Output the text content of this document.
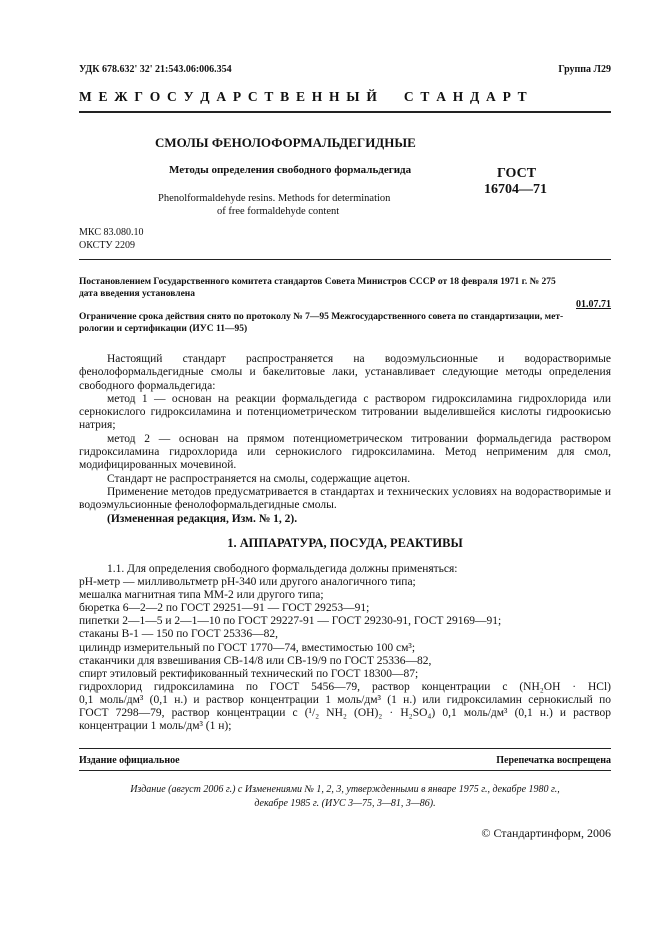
УДК 678.632' 32' 21:543.06:006.354	Группа Л29
М Е Ж Г О С У Д А Р С Т В Е Н Н Ы Й     С Т А Н Д А Р Т
СМОЛЫ ФЕНОЛОФОРМАЛЬДЕГИДНЫЕ
Методы определения свободного формальдегида
Phenolformaldehyde resins. Methods for determination
of free formaldehyde content
ГОСТ
16704—71
МКС 83.080.10
ОКСТУ 2209
Постановлением Государственного комитета стандартов Совета Министров СССР от 18 февраля 1971 г. № 275
дата введения установлена
01.07.71
Ограничение срока действия снято по протоколу № 7—95 Межгосударственного совета по стандартизации, мет-
рологии и сертификации (ИУС 11—95)

Настоящий стандарт распространяется на водоэмульсионные и водорастворимые фенолоформальдегидные смолы и бакелитовые лаки, устанавливает следующие методы определения свободного формальдегида:

метод 1 — основан на реакции формальдегида с раствором гидроксиламина гидрохлорида или сернокислого гидроксиламина и потенциометрическом титровании выделившейся кислоты гидроокисью натрия;

метод 2 — основан на прямом потенциометрическом титровании формальдегида раствором гидроксиламина гидрохлорида или сернокислого гидроксиламина. Метод неприменим для смол, модифицированных мочевиной.

Стандарт не распространяется на смолы, содержащие ацетон.

Применение методов предусматривается в стандартах и технических условиях на водорастворимые и водоэмульсионные фенолоформальдегидные смолы.

(Измененная редакция, Изм. № 1, 2).

1. АППАРАТУРА, ПОСУДА, РЕАКТИВЫ

1.1. Для определения свободного формальдегида должны применяться:

pH-метр — милливольтметр pH-340 или другого аналогичного типа;

мешалка магнитная типа ММ-2 или другого типа;

бюретка 6—2—2 по ГОСТ 29251—91 — ГОСТ 29253—91;

пипетки 2—1—5 и 2—1—10 по ГОСТ 29227-91 — ГОСТ 29230-91, ГОСТ 29169—91;

стаканы В-1 — 150 по ГОСТ 25336—82,

цилиндр измерительный по ГОСТ 1770—74, вместимостью 100 см³;

стаканчики для взвешивания СВ-14/8 или СВ-19/9 по ГОСТ 25336—82,

спирт этиловый ректификованный технический по ГОСТ 18300—87;

гидрохлорид гидроксиламина по ГОСТ 5456—79, раствор концентрации c (NH₂OH · HCl)

0,1 моль/дм³ (0,1 н.) и раствор концентрации 1 моль/дм³ (1 н.) или гидроксиламин сернокислый по

ГОСТ 7298—79, раствор концентрации c (¹/₂ NH₂ (OH)₂ · H₂SO₄) 0,1 моль/дм³ (0,1 н.) и раствор

концентрации 1 моль/дм³ (1 н);

Издание официальное	Перепечатка воспрещена
Издание (август 2006 г.) с Изменениями № 1, 2, 3, утвержденными в январе 1975 г., декабре 1980 г.,
декабре 1985 г. (ИУС 3—75, 3—81, 3—86).
© Стандартинформ, 2006
